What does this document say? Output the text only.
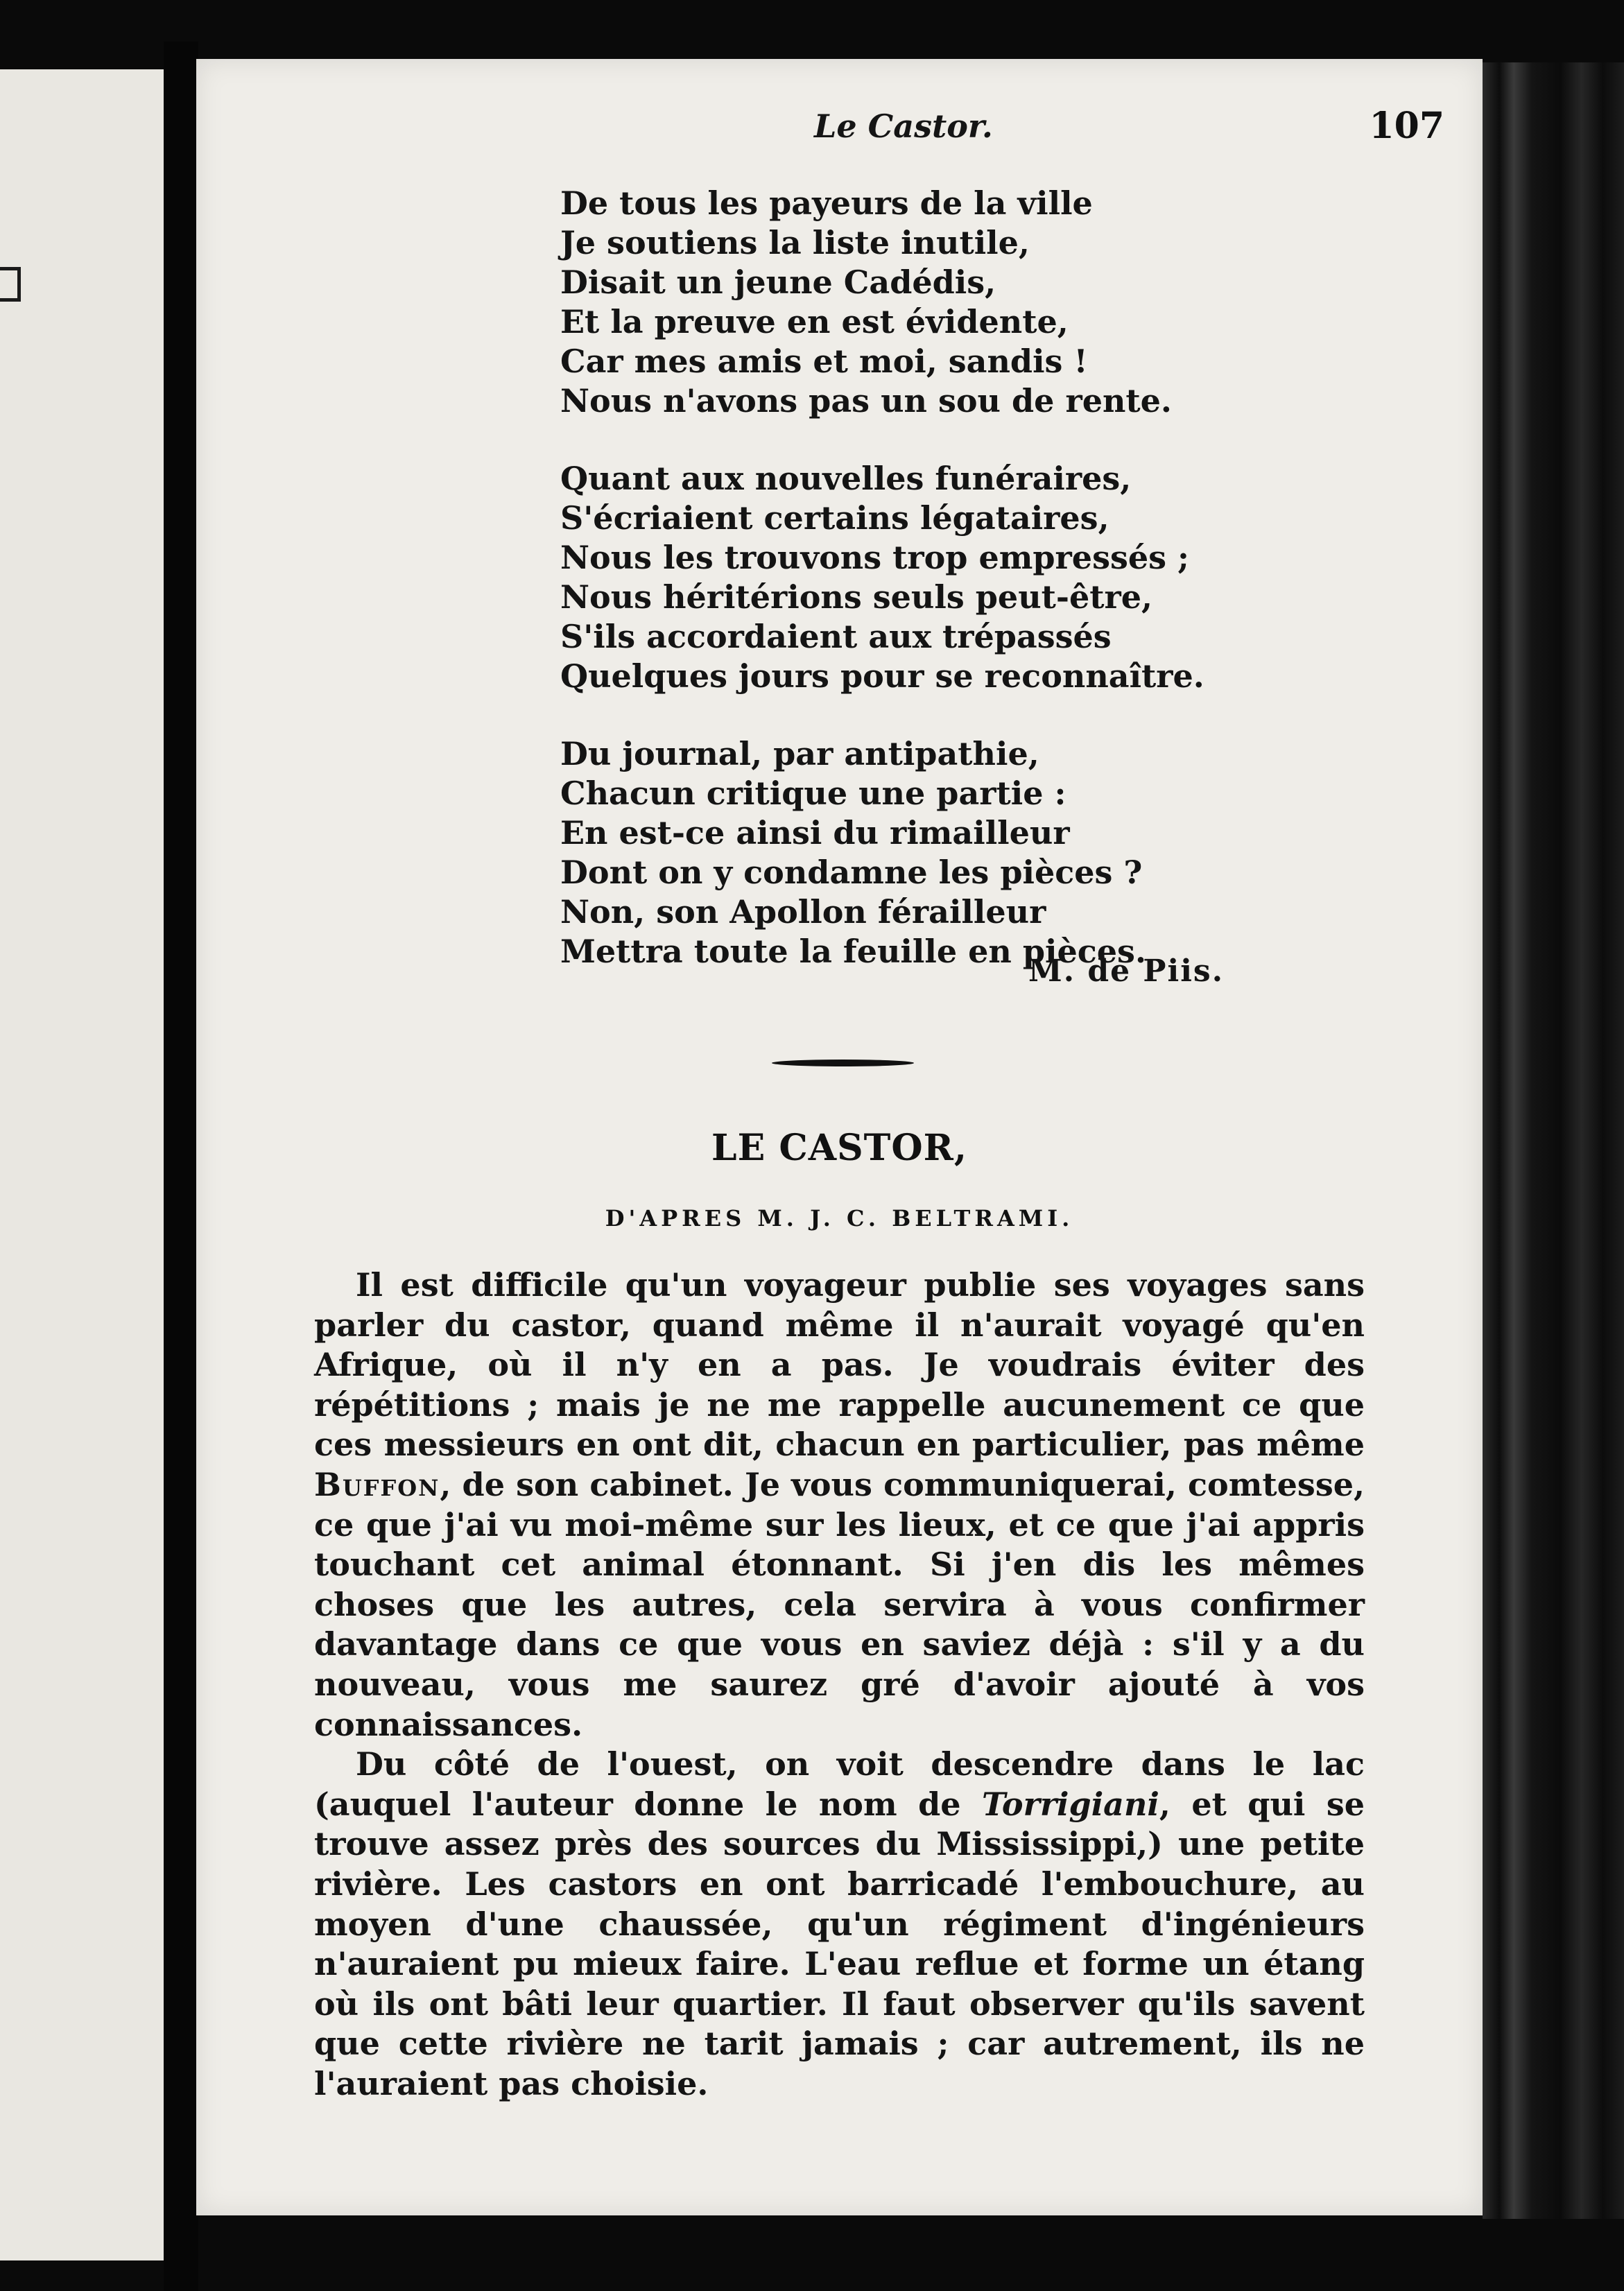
Le Castor.	107
De tous les payeurs de la ville
Je soutiens la liste inutile,
Disait un jeune Cadédis,
Et la preuve en est évidente,
Car mes amis et moi, sandis !
Nous n'avons pas un sou de rente.
Quant aux nouvelles funéraires,
S'écriaient certains légataires,
Nous les trouvons trop empressés ;
Nous héritérions seuls peut-être,
S'ils accordaient aux trépassés
Quelques jours pour se reconnaître.
Du journal, par antipathie,
Chacun critique une partie :
En est-ce ainsi du rimailleur
Dont on y condamne les pièces ?
Non, son Apollon férailleur
Mettra toute la feuille en pièces.
M. de Piis.
LE CASTOR,
D'APRES M. J. C. BELTRAMI.

Il est difficile qu'un voyageur publie ses voyages sans parler du castor, quand même il n'aurait voyagé qu'en Afrique, où il n'y en a pas. Je voudrais éviter des répétitions ; mais je ne me rappelle aucunement ce que ces messieurs en ont dit, chacun en particulier, pas même Buffon, de son cabinet. Je vous communiquerai, comtesse, ce que j'ai vu moi-même sur les lieux, et ce que j'ai appris touchant cet animal étonnant. Si j'en dis les mêmes choses que les autres, cela servira à vous confirmer davantage dans ce que vous en saviez déjà : s'il y a du nouveau, vous me saurez gré d'avoir ajouté à vos connaissances.

Du côté de l'ouest, on voit descendre dans le lac (auquel l'auteur donne le nom de Torrigiani, et qui se trouve assez près des sources du Mississippi,) une petite rivière. Les castors en ont barricadé l'embouchure, au moyen d'une chaussée, qu'un régiment d'ingénieurs n'auraient pu mieux faire. L'eau reflue et forme un étang où ils ont bâti leur quartier. Il faut observer qu'ils savent que cette rivière ne tarit jamais ; car autrement, ils ne l'auraient pas choisie.
